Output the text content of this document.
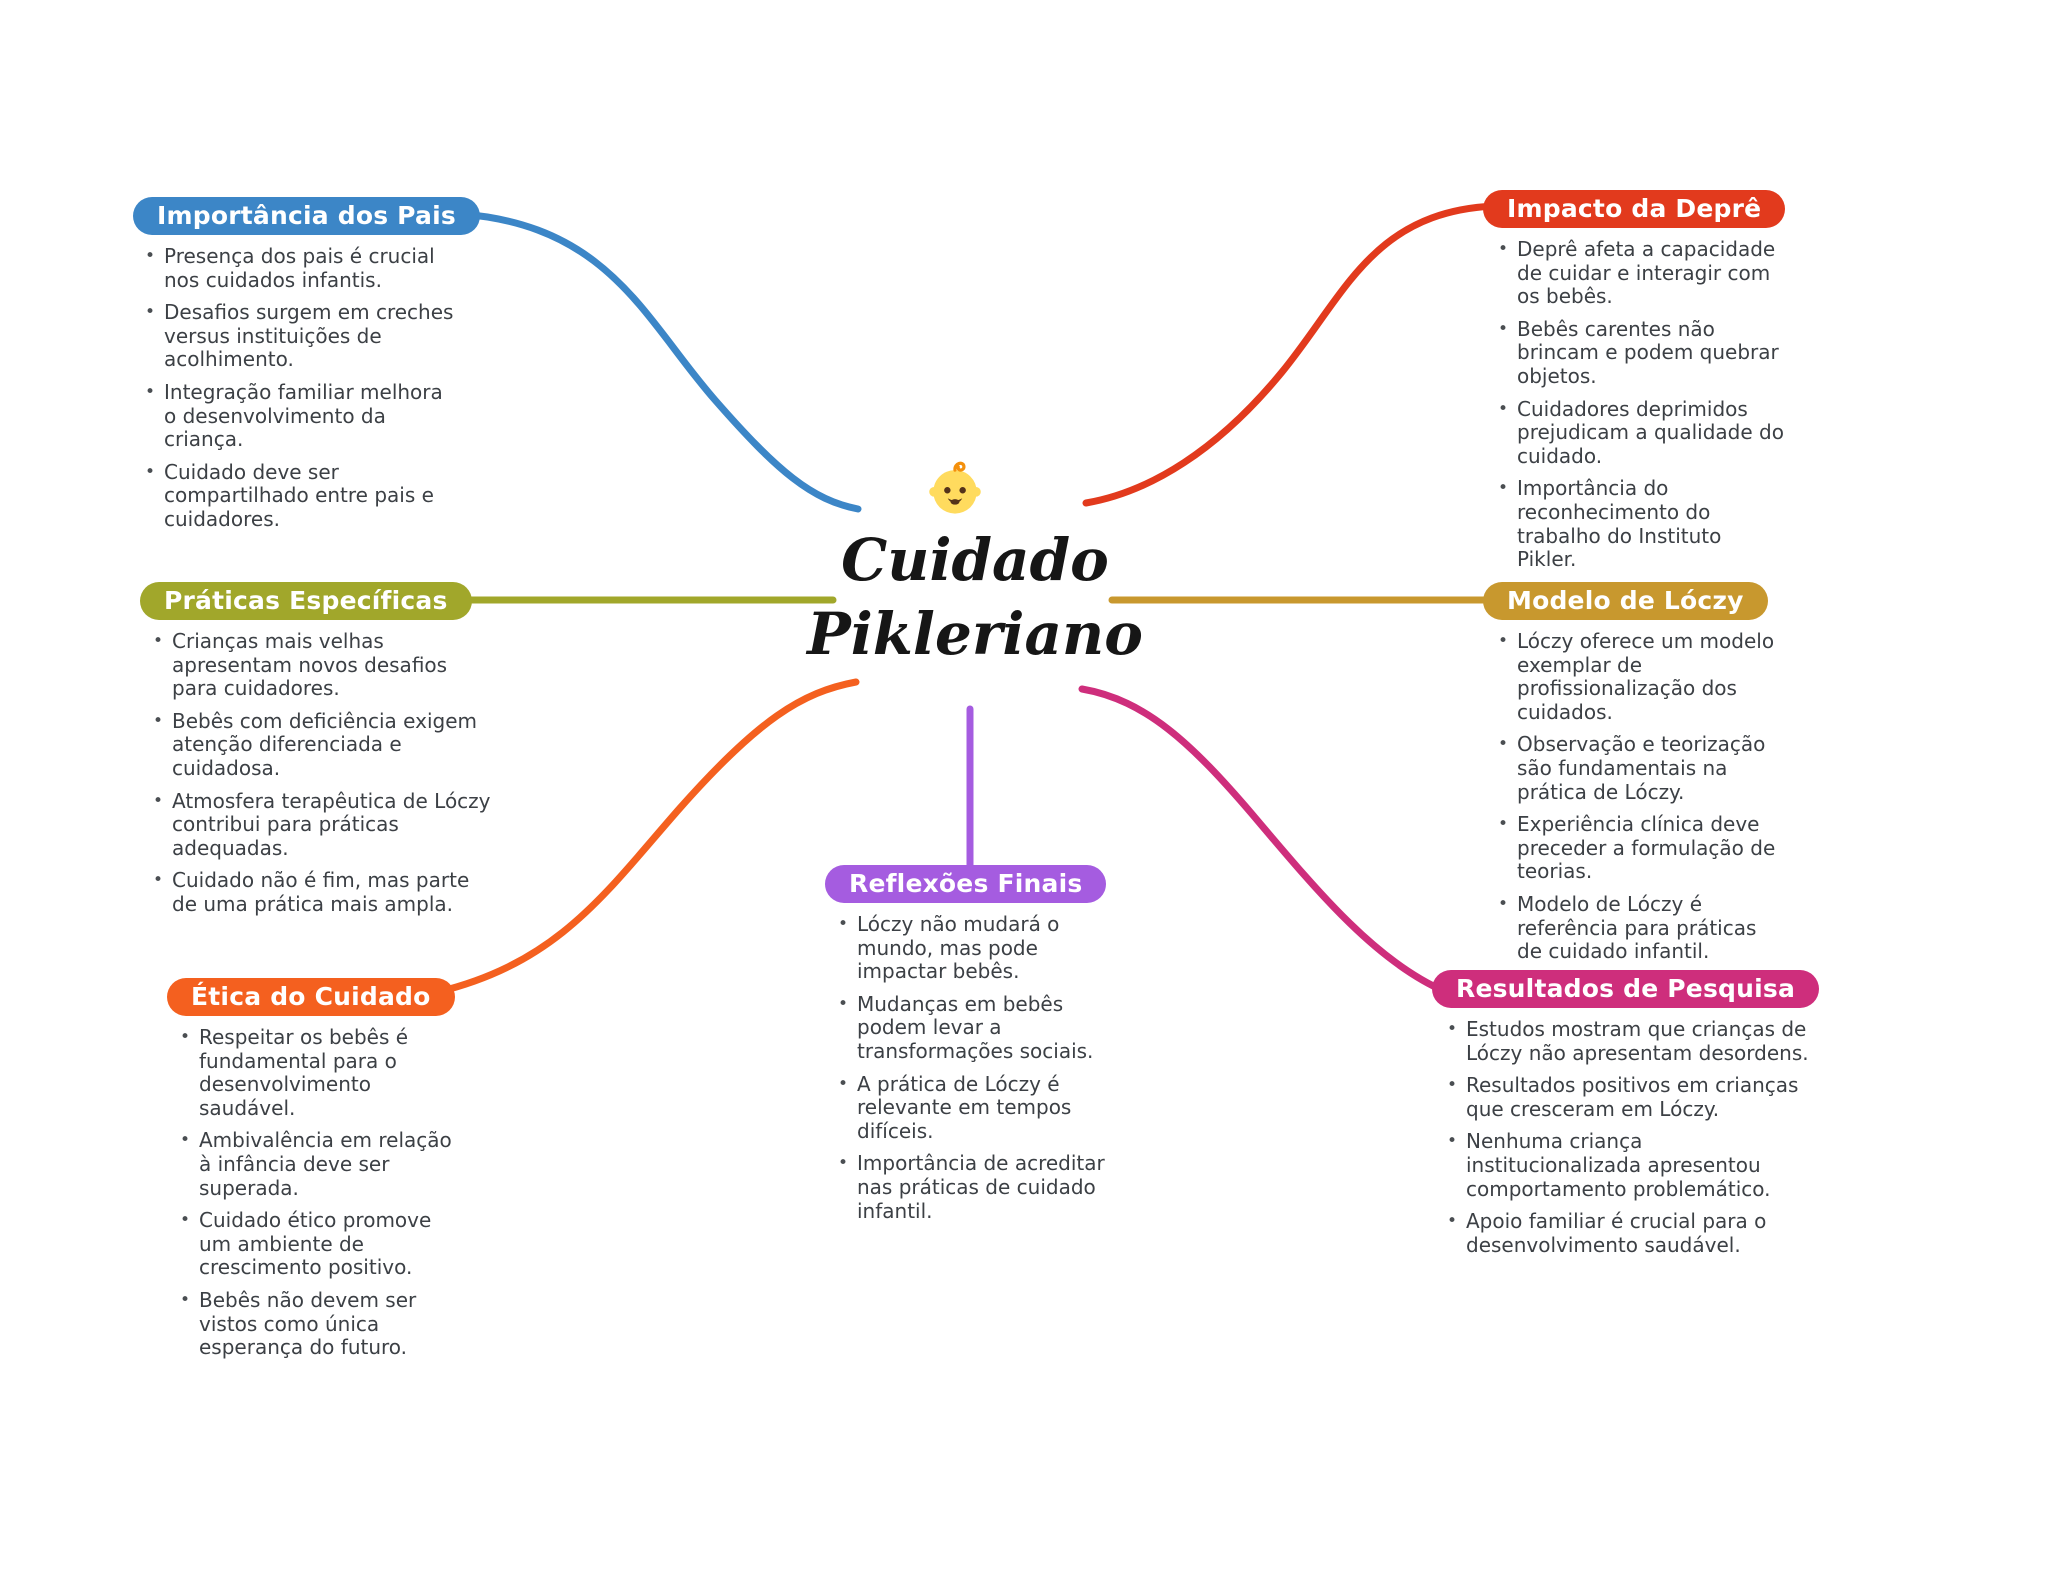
Cuidado
Pikleriano
Importância dos Pais
• Presença dos pais é crucial nos cuidados infantis.
• Desafios surgem em creches versus instituições de acolhimento.
• Integração familiar melhora o desenvolvimento da criança.
• Cuidado deve ser compartilhado entre pais e cuidadores.
Impacto da Deprê
• Deprê afeta a capacidade de cuidar e interagir com os bebês.
• Bebês carentes não brincam e podem quebrar objetos.
• Cuidadores deprimidos prejudicam a qualidade do cuidado.
• Importância do reconhecimento do trabalho do Instituto Pikler.
Práticas Específicas
• Crianças mais velhas apresentam novos desafios para cuidadores.
• Bebês com deficiência exigem atenção diferenciada e cuidadosa.
• Atmosfera terapêutica de Lóczy contribui para práticas adequadas.
• Cuidado não é fim, mas parte de uma prática mais ampla.
Modelo de Lóczy
• Lóczy oferece um modelo exemplar de profissionalização dos cuidados.
• Observação e teorização são fundamentais na prática de Lóczy.
• Experiência clínica deve preceder a formulação de teorias.
• Modelo de Lóczy é referência para práticas de cuidado infantil.
Ética do Cuidado
• Respeitar os bebês é fundamental para o desenvolvimento saudável.
• Ambivalência em relação à infância deve ser superada.
• Cuidado ético promove um ambiente de crescimento positivo.
• Bebês não devem ser vistos como única esperança do futuro.
Resultados de Pesquisa
• Estudos mostram que crianças de Lóczy não apresentam desordens.
• Resultados positivos em crianças que cresceram em Lóczy.
• Nenhuma criança institucionalizada apresentou comportamento problemático.
• Apoio familiar é crucial para o desenvolvimento saudável.
Reflexões Finais
• Lóczy não mudará o mundo, mas pode impactar bebês.
• Mudanças em bebês podem levar a transformações sociais.
• A prática de Lóczy é relevante em tempos difíceis.
• Importância de acreditar nas práticas de cuidado infantil.
